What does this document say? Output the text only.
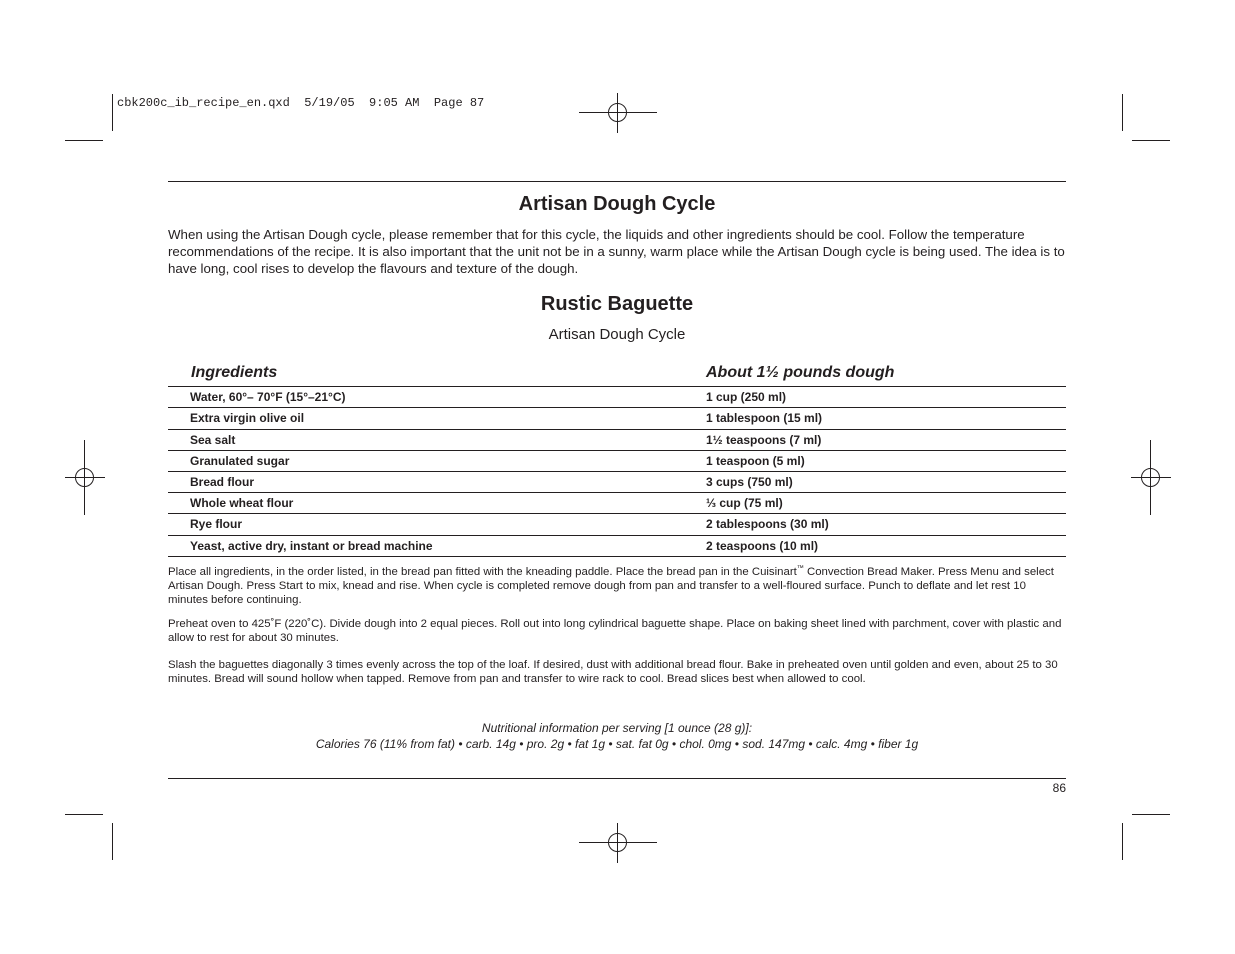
cbk200c_ib_recipe_en.qxd  5/19/05  9:05 AM  Page 87
Artisan Dough Cycle
When using the Artisan Dough cycle, please remember that for this cycle, the liquids and other ingredients should be cool. Follow the temperature recommendations of the recipe. It is also important that the unit not be in a sunny, warm place while the Artisan Dough cycle is being used. The idea is to have long, cool rises to develop the flavours and texture of the dough.
Rustic Baguette
Artisan Dough Cycle
Ingredients	About 1½ pounds dough
Water, 60°– 70°F (15°–21°C)	1 cup (250 ml)
Extra virgin olive oil	1 tablespoon (15 ml)
Sea salt	1½ teaspoons (7 ml)
Granulated sugar	1 teaspoon (5 ml)
Bread flour	3 cups (750 ml)
Whole wheat flour	⅓ cup (75 ml)
Rye flour	2 tablespoons (30 ml)
Yeast, active dry, instant or bread machine	2 teaspoons (10 ml)
Place all ingredients, in the order listed, in the bread pan fitted with the kneading paddle. Place the bread pan in the Cuisinart™ Convection Bread Maker. Press Menu and select Artisan Dough. Press Start to mix, knead and rise. When cycle is completed remove dough from pan and transfer to a well-floured surface. Punch to deflate and let rest 10 minutes before continuing.
Preheat oven to 425˚F (220˚C). Divide dough into 2 equal pieces. Roll out into long cylindrical baguette shape. Place on baking sheet lined with parchment, cover with plastic and allow to rest for about 30 minutes.
Slash the baguettes diagonally 3 times evenly across the top of the loaf. If desired, dust with additional bread flour. Bake in preheated oven until golden and even, about 25 to 30 minutes. Bread will sound hollow when tapped. Remove from pan and transfer to wire rack to cool. Bread slices best when allowed to cool.
Nutritional information per serving [1 ounce (28 g)]:
Calories 76 (11% from fat) • carb. 14g • pro. 2g • fat 1g • sat. fat 0g • chol. 0mg • sod. 147mg • calc. 4mg • fiber 1g
86
